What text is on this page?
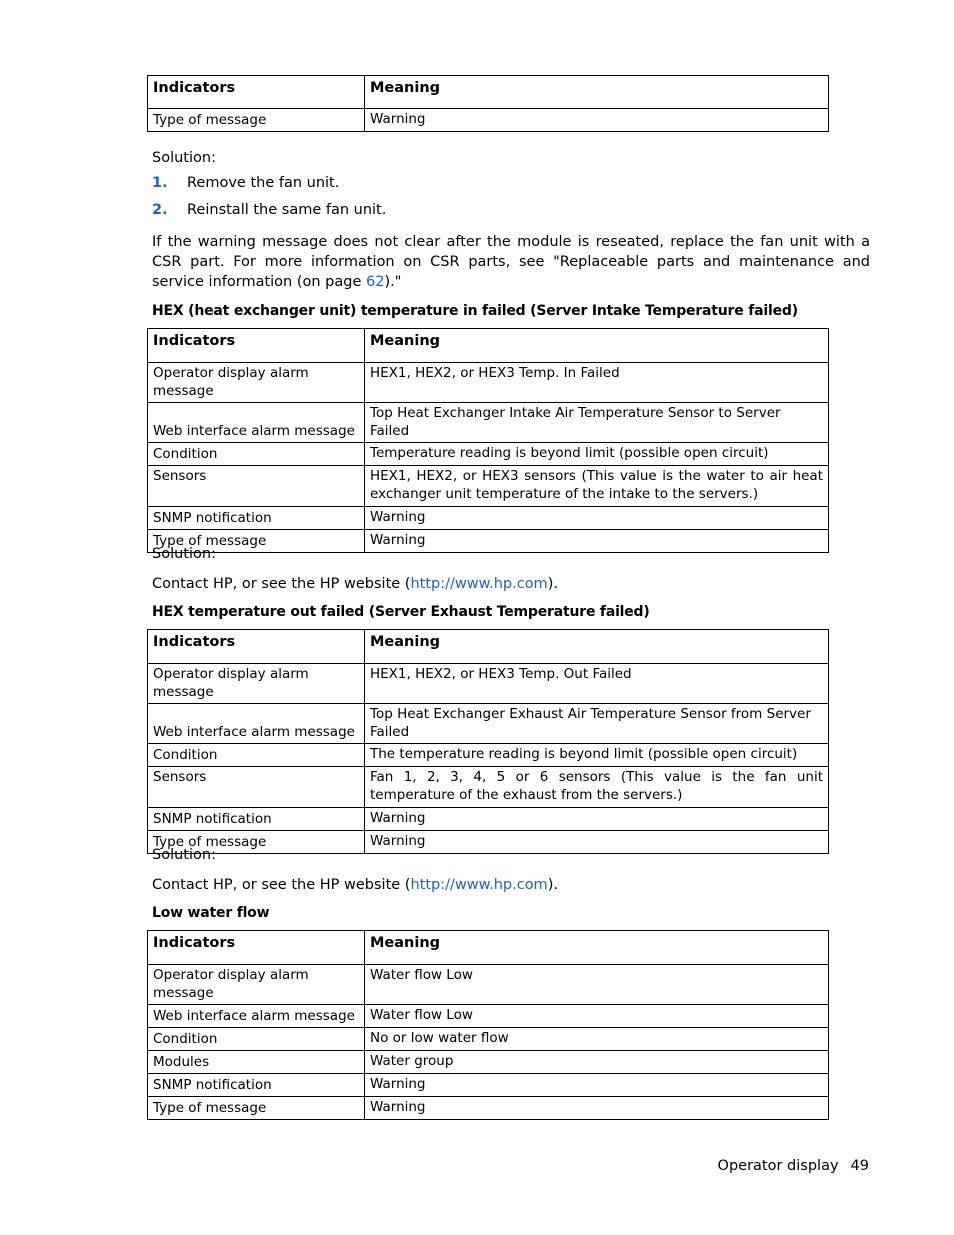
Indicators	Meaning
Type of message	Warning
Solution:
1. Remove the fan unit.
2. Reinstall the same fan unit.
If the warning message does not clear after the module is reseated, replace the fan unit with a CSR part. For more information on CSR parts, see "Replaceable parts and maintenance and service information (on page 62)."
HEX (heat exchanger unit) temperature in failed (Server Intake Temperature failed)
Indicators	Meaning
Operator display alarm message	HEX1, HEX2, or HEX3 Temp. In Failed
Web interface alarm message	Top Heat Exchanger Intake Air Temperature Sensor to Server Failed
Condition	Temperature reading is beyond limit (possible open circuit)
Sensors	HEX1, HEX2, or HEX3 sensors (This value is the water to air heat exchanger unit temperature of the intake to the servers.)
SNMP notification	Warning
Type of message	Warning
Solution:
Contact HP, or see the HP website (http://www.hp.com).
HEX temperature out failed (Server Exhaust Temperature failed)
Indicators	Meaning
Operator display alarm message	HEX1, HEX2, or HEX3 Temp. Out Failed
Web interface alarm message	Top Heat Exchanger Exhaust Air Temperature Sensor from Server Failed
Condition	The temperature reading is beyond limit (possible open circuit)
Sensors	Fan 1, 2, 3, 4, 5 or 6 sensors (This value is the fan unit temperature of the exhaust from the servers.)
SNMP notification	Warning
Type of message	Warning
Solution:
Contact HP, or see the HP website (http://www.hp.com).
Low water flow
Indicators	Meaning
Operator display alarm message	Water flow Low
Web interface alarm message	Water flow Low
Condition	No or low water flow
Modules	Water group
SNMP notification	Warning
Type of message	Warning
Operator display 49
